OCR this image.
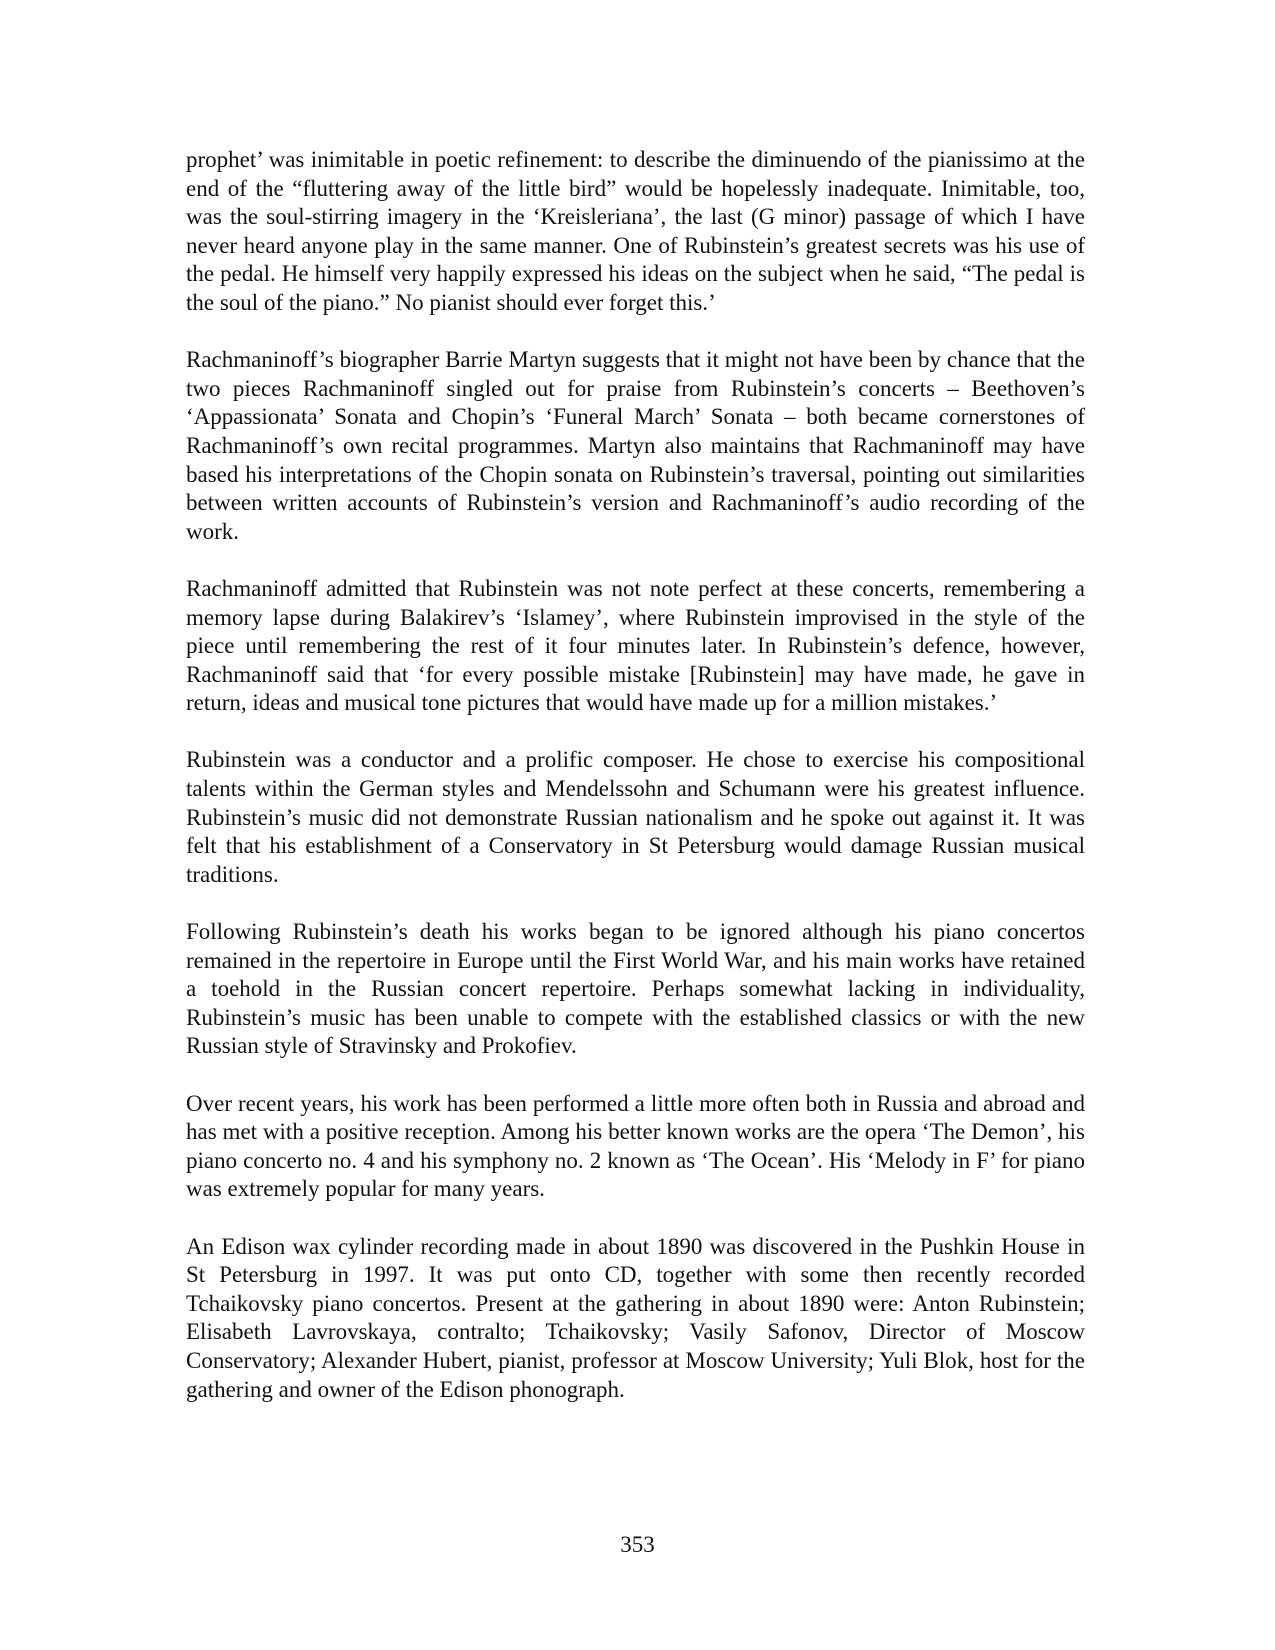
prophet’ was inimitable in poetic refinement: to describe the diminuendo of the pianissimo at the end of the “fluttering away of the little bird” would be hopelessly inadequate. Inimitable, too, was the soul-stirring imagery in the ‘Kreisleriana’, the last (G minor) passage of which I have never heard anyone play in the same manner. One of Rubinstein’s greatest secrets was his use of the pedal. He himself very happily expressed his ideas on the subject when he said, “The pedal is the soul of the piano.” No pianist should ever forget this.’

Rachmaninoff’s biographer Barrie Martyn suggests that it might not have been by chance that the two pieces Rachmaninoff singled out for praise from Rubinstein’s concerts – Beethoven’s ‘Appassionata’ Sonata and Chopin’s ‘Funeral March’ Sonata – both became cornerstones of Rachmaninoff’s own recital programmes. Martyn also maintains that Rachmaninoff may have based his interpretations of the Chopin sonata on Rubinstein’s traversal, pointing out similarities between written accounts of Rubinstein’s version and Rachmaninoff’s audio recording of the work.

Rachmaninoff admitted that Rubinstein was not note perfect at these concerts, remembering a memory lapse during Balakirev’s ‘Islamey’, where Rubinstein improvised in the style of the piece until remembering the rest of it four minutes later. In Rubinstein’s defence, however, Rachmaninoff said that ‘for every possible mistake [Rubinstein] may have made, he gave in return, ideas and musical tone pictures that would have made up for a million mistakes.’

Rubinstein was a conductor and a prolific composer. He chose to exercise his compositional talents within the German styles and Mendelssohn and Schumann were his greatest influence. Rubinstein’s music did not demonstrate Russian nationalism and he spoke out against it. It was felt that his establishment of a Conservatory in St Petersburg would damage Russian musical traditions.

Following Rubinstein’s death his works began to be ignored although his piano concertos remained in the repertoire in Europe until the First World War, and his main works have retained a toehold in the Russian concert repertoire. Perhaps somewhat lacking in individuality, Rubinstein’s music has been unable to compete with the established classics or with the new Russian style of Stravinsky and Prokofiev.

Over recent years, his work has been performed a little more often both in Russia and abroad and has met with a positive reception. Among his better known works are the opera ‘The Demon’, his piano concerto no. 4 and his symphony no. 2 known as ‘The Ocean’. His ‘Melody in F’ for piano was extremely popular for many years.

An Edison wax cylinder recording made in about 1890 was discovered in the Pushkin House in St Petersburg in 1997. It was put onto CD, together with some then recently recorded Tchaikovsky piano concertos. Present at the gathering in about 1890 were: Anton Rubinstein; Elisabeth Lavrovskaya, contralto; Tchaikovsky; Vasily Safonov, Director of Moscow Conservatory; Alexander Hubert, pianist, professor at Moscow University; Yuli Blok, host for the gathering and owner of the Edison phonograph.

353
